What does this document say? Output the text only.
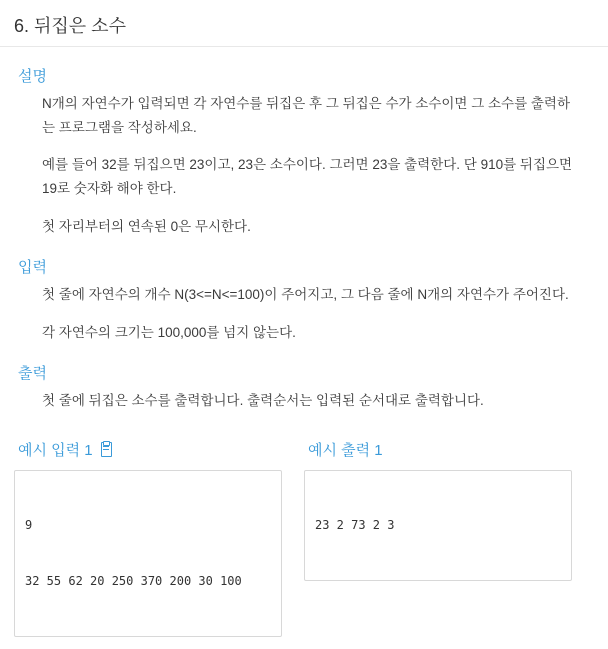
6. 뒤집은 소수
설명

N개의 자연수가 입력되면 각 자연수를 뒤집은 후 그 뒤집은 수가 소수이면 그 소수를 출력하는 프로그램을 작성하세요.

예를 들어 32를 뒤집으면 23이고, 23은 소수이다. 그러면 23을 출력한다. 단 910를 뒤집으면 19로 숫자화 해야 한다.

첫 자리부터의 연속된 0은 무시한다.

입력

첫 줄에 자연수의 개수 N(3<=N<=100)이 주어지고, 그 다음 줄에 N개의 자연수가 주어진다.

각 자연수의 크기는 100,000를 넘지 않는다.

출력

첫 줄에 뒤집은 소수를 출력합니다. 출력순서는 입력된 순서대로 출력합니다.

예시 입력 1

9

32 55 62 20 250 370 200 30 100

예시 출력 1

23 2 73 2 3
